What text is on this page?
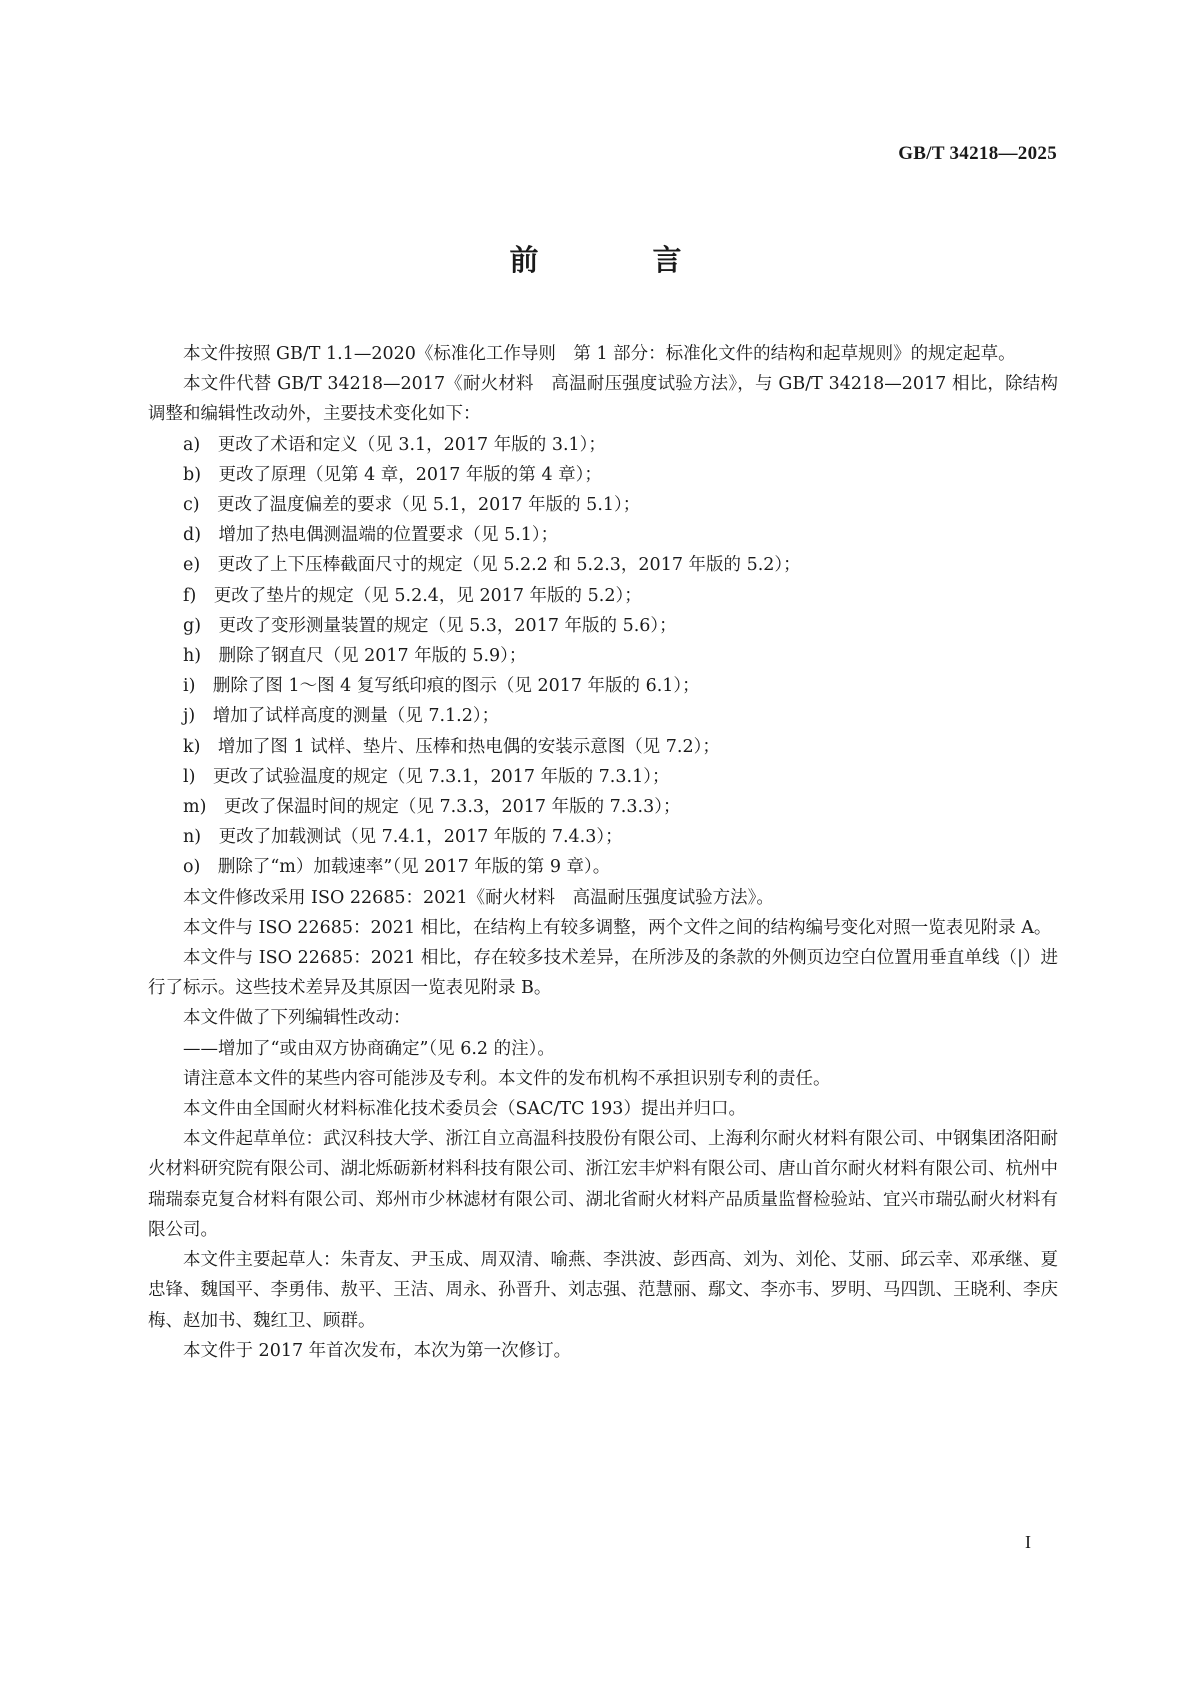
GB/T 34218—2025
前 言

本文件按照 GB/T 1.1—2020《标准化工作导则　第 1 部分：标准化文件的结构和起草规则》的规定起草。

本文件代替 GB/T 34218—2017《耐火材料　高温耐压强度试验方法》，与 GB/T 34218—2017 相比，除结构调整和编辑性改动外，主要技术变化如下：

a)　更改了术语和定义（见 3.1，2017 年版的 3.1）；

b)　更改了原理（见第 4 章，2017 年版的第 4 章）；

c)　更改了温度偏差的要求（见 5.1，2017 年版的 5.1）；

d)　增加了热电偶测温端的位置要求（见 5.1）；

e)　更改了上下压棒截面尺寸的规定（见 5.2.2 和 5.2.3，2017 年版的 5.2）；

f)　更改了垫片的规定（见 5.2.4，见 2017 年版的 5.2）；

g)　更改了变形测量装置的规定（见 5.3，2017 年版的 5.6）；

h)　删除了钢直尺（见 2017 年版的 5.9）；

i)　删除了图 1～图 4 复写纸印痕的图示（见 2017 年版的 6.1）；

j)　增加了试样高度的测量（见 7.1.2）；

k)　增加了图 1 试样、垫片、压棒和热电偶的安装示意图（见 7.2）；

l)　更改了试验温度的规定（见 7.3.1，2017 年版的 7.3.1）；

m)　更改了保温时间的规定（见 7.3.3，2017 年版的 7.3.3）；

n)　更改了加载测试（见 7.4.1，2017 年版的 7.4.3）；

o)　删除了“m）加载速率”（见 2017 年版的第 9 章）。

本文件修改采用 ISO 22685：2021《耐火材料　高温耐压强度试验方法》。

本文件与 ISO 22685：2021 相比，在结构上有较多调整，两个文件之间的结构编号变化对照一览表见附录 A。

本文件与 ISO 22685：2021 相比，存在较多技术差异，在所涉及的条款的外侧页边空白位置用垂直单线（|）进行了标示。这些技术差异及其原因一览表见附录 B。

本文件做了下列编辑性改动：

——增加了“或由双方协商确定”（见 6.2 的注）。

请注意本文件的某些内容可能涉及专利。本文件的发布机构不承担识别专利的责任。

本文件由全国耐火材料标准化技术委员会（SAC/TC 193）提出并归口。

本文件起草单位：武汉科技大学、浙江自立高温科技股份有限公司、上海利尔耐火材料有限公司、中钢集团洛阳耐火材料研究院有限公司、湖北烁砺新材料科技有限公司、浙江宏丰炉料有限公司、唐山首尔耐火材料有限公司、杭州中瑞瑞泰克复合材料有限公司、郑州市少林滤材有限公司、湖北省耐火材料产品质量监督检验站、宜兴市瑞弘耐火材料有限公司。

本文件主要起草人：朱青友、尹玉成、周双清、喻燕、李洪波、彭西高、刘为、刘伦、艾丽、邱云幸、邓承继、夏忠锋、魏国平、李勇伟、敖平、王洁、周永、孙晋升、刘志强、范慧丽、鄢文、李亦韦、罗明、马四凯、王晓利、李庆梅、赵加书、魏红卫、顾群。

本文件于 2017 年首次发布，本次为第一次修订。

I
